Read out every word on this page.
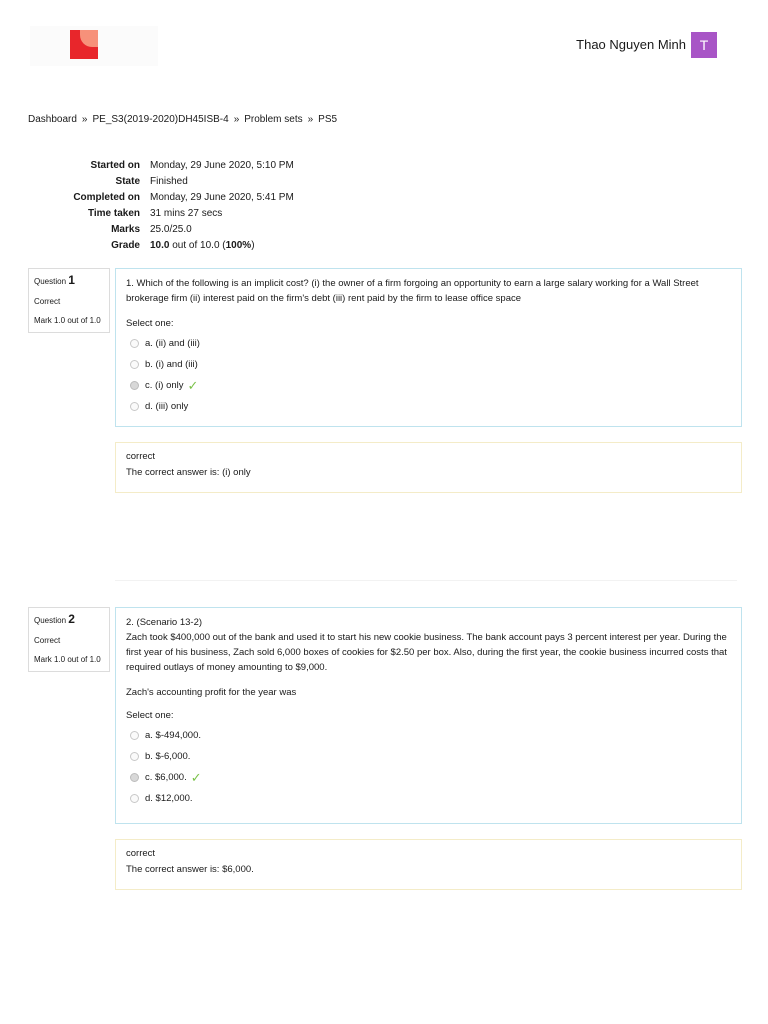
Thao Nguyen Minh T
Dashboard » PE_S3(2019-2020)DH45ISB-4 » Problem sets » PS5
Started on	Monday, 29 June 2020, 5:10 PM
State	Finished
Completed on	Monday, 29 June 2020, 5:41 PM
Time taken	31 mins 27 secs
Marks	25.0/25.0
Grade	10.0 out of 10.0 (100%)
Question 1
Correct
Mark 1.0 out of 1.0
1. Which of the following is an implicit cost? (i) the owner of a firm forgoing an opportunity to earn a large salary working for a Wall Street brokerage firm (ii) interest paid on the firm's debt (iii) rent paid by the firm to lease office space
Select one:
a. (ii) and (iii)
b. (i) and (iii)
c. (i) only ✓
d. (iii) only
correct
The correct answer is: (i) only
Question 2
Correct
Mark 1.0 out of 1.0
2. (Scenario 13-2)
Zach took $400,000 out of the bank and used it to start his new cookie business. The bank account pays 3 percent interest per year. During the first year of his business, Zach sold 6,000 boxes of cookies for $2.50 per box. Also, during the first year, the cookie business incurred costs that required outlays of money amounting to $9,000.
Zach's accounting profit for the year was
Select one:
a. $-494,000.
b. $-6,000.
c. $6,000. ✓
d. $12,000.
correct
The correct answer is: $6,000.
